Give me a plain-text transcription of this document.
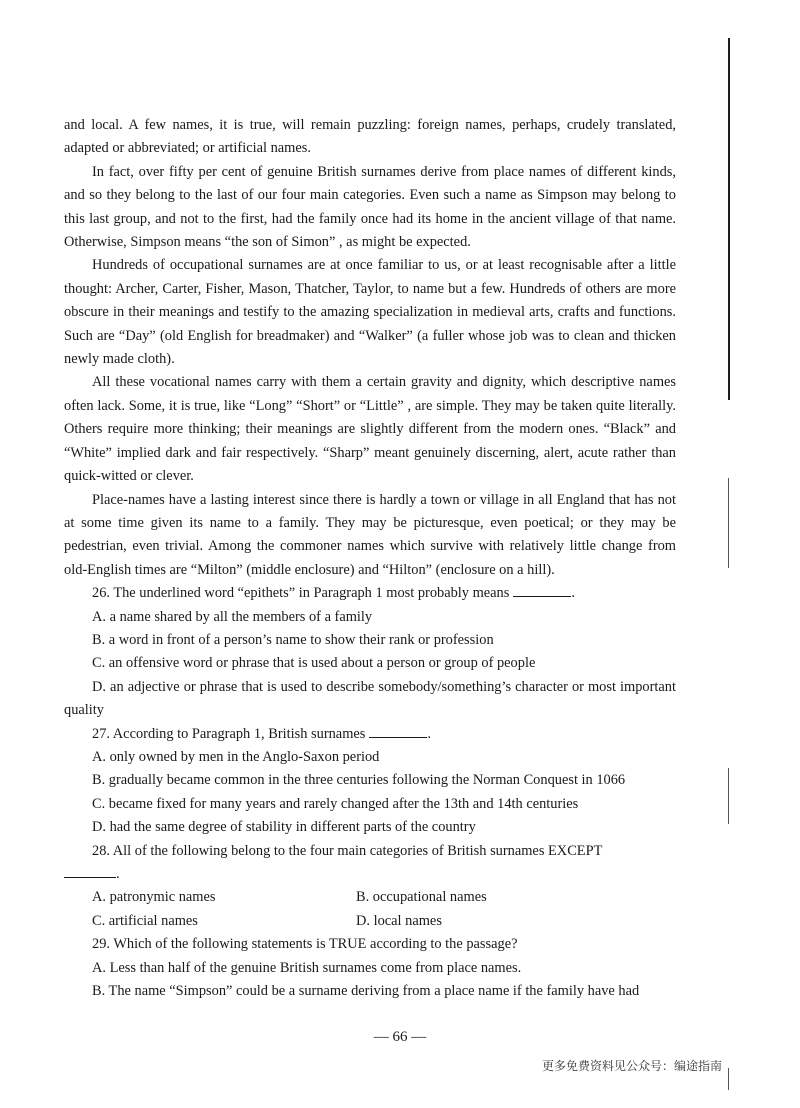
and local. A few names, it is true, will remain puzzling: foreign names, perhaps, crudely translated, adapted or abbreviated; or artificial names.

In fact, over fifty per cent of genuine British surnames derive from place names of different kinds, and so they belong to the last of our four main categories. Even such a name as Simpson may belong to this last group, and not to the first, had the family once had its home in the ancient village of that name. Otherwise, Simpson means “the son of Simon” , as might be expected.

Hundreds of occupational surnames are at once familiar to us, or at least recognisable after a little thought: Archer, Carter, Fisher, Mason, Thatcher, Taylor, to name but a few. Hundreds of others are more obscure in their meanings and testify to the amazing specialization in medieval arts, crafts and functions. Such are “Day” (old English for breadmaker) and “Walker” (a fuller whose job was to clean and thicken newly made cloth).

All these vocational names carry with them a certain gravity and dignity, which descriptive names often lack. Some, it is true, like “Long” “Short” or “Little” , are simple. They may be taken quite literally. Others require more thinking; their meanings are slightly different from the modern ones. “Black” and “White” implied dark and fair respectively. “Sharp” meant genuinely discerning, alert, acute rather than quick-witted or clever.

Place-names have a lasting interest since there is hardly a town or village in all England that has not at some time given its name to a family. They may be picturesque, even poetical; or they may be pedestrian, even trivial. Among the commoner names which survive with relatively little change from old-English times are “Milton” (middle enclosure) and “Hilton” (enclosure on a hill).

26. The underlined word “epithets” in Paragraph 1 most probably means	.

A. a name shared by all the members of a family

B. a word in front of a person’s name to show their rank or profession

C. an offensive word or phrase that is used about a person or group of people

D. an adjective or phrase that is used to describe somebody/something’s character or most important quality

27. According to Paragraph 1, British surnames	.

A. only owned by men in the Anglo-Saxon period

B. gradually became common in the three centuries following the Norman Conquest in 1066

C. became fixed for many years and rarely changed after the 13th and 14th centuries

D. had the same degree of stability in different parts of the country

28. All of the following belong to the four main categories of British surnames EXCEPT

.

A. patronymic names	B. occupational names
C. artificial names	D. local names

29. Which of the following statements is TRUE according to the passage?

A. Less than half of the genuine British surnames come from place names.

B. The name “Simpson” could be a surname deriving from a place name if the family have had

— 66 —
更多免费资料见公众号：编途指南
